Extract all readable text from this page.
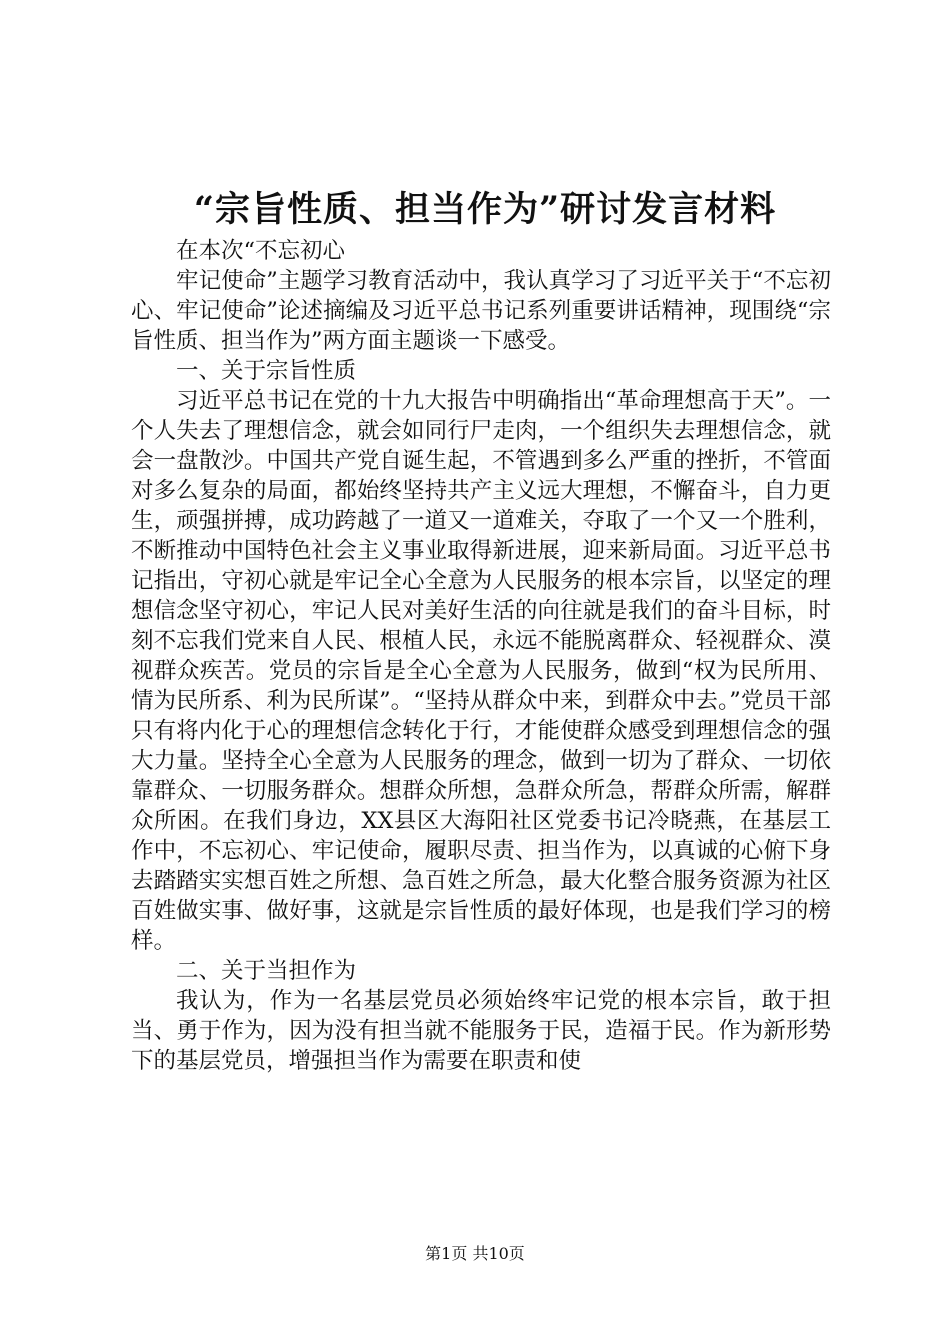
“宗旨性质、担当作为”研讨发言材料

在本次“不忘初心

牢记使命”主题学习教育活动中，我认真学习了习近平关于“不忘初心、牢记使命”论述摘编及习近平总书记系列重要讲话精神，现围绕“宗旨性质、担当作为”两方面主题谈一下感受。

一、关于宗旨性质

习近平总书记在党的十九大报告中明确指出“革命理想高于天”。一个人失去了理想信念，就会如同行尸走肉，一个组织失去理想信念，就会一盘散沙。中国共产党自诞生起，不管遇到多么严重的挫折，不管面对多么复杂的局面，都始终坚持共产主义远大理想，不懈奋斗，自力更生，顽强拼搏，成功跨越了一道又一道难关，夺取了一个又一个胜利，不断推动中国特色社会主义事业取得新进展，迎来新局面。习近平总书记指出，守初心就是牢记全心全意为人民服务的根本宗旨，以坚定的理想信念坚守初心，牢记人民对美好生活的向往就是我们的奋斗目标，时刻不忘我们党来自人民、根植人民，永远不能脱离群众、轻视群众、漠视群众疾苦。党员的宗旨是全心全意为人民服务，做到“权为民所用、情为民所系、利为民所谋”。“坚持从群众中来，到群众中去。”党员干部只有将内化于心的理想信念转化于行，才能使群众感受到理想信念的强大力量。坚持全心全意为人民服务的理念，做到一切为了群众、一切依靠群众、一切服务群众。想群众所想，急群众所急，帮群众所需，解群众所困。在我们身边，XX县区大海阳社区党委书记冷晓燕，在基层工作中，不忘初心、牢记使命，履职尽责、担当作为，以真诚的心俯下身去踏踏实实想百姓之所想、急百姓之所急，最大化整合服务资源为社区百姓做实事、做好事，这就是宗旨性质的最好体现，也是我们学习的榜样。

二、关于当担作为

我认为，作为一名基层党员必须始终牢记党的根本宗旨，敢于担当、勇于作为，因为没有担当就不能服务于民，造福于民。作为新形势下的基层党员，增强担当作为需要在职责和使

第1页 共10页
